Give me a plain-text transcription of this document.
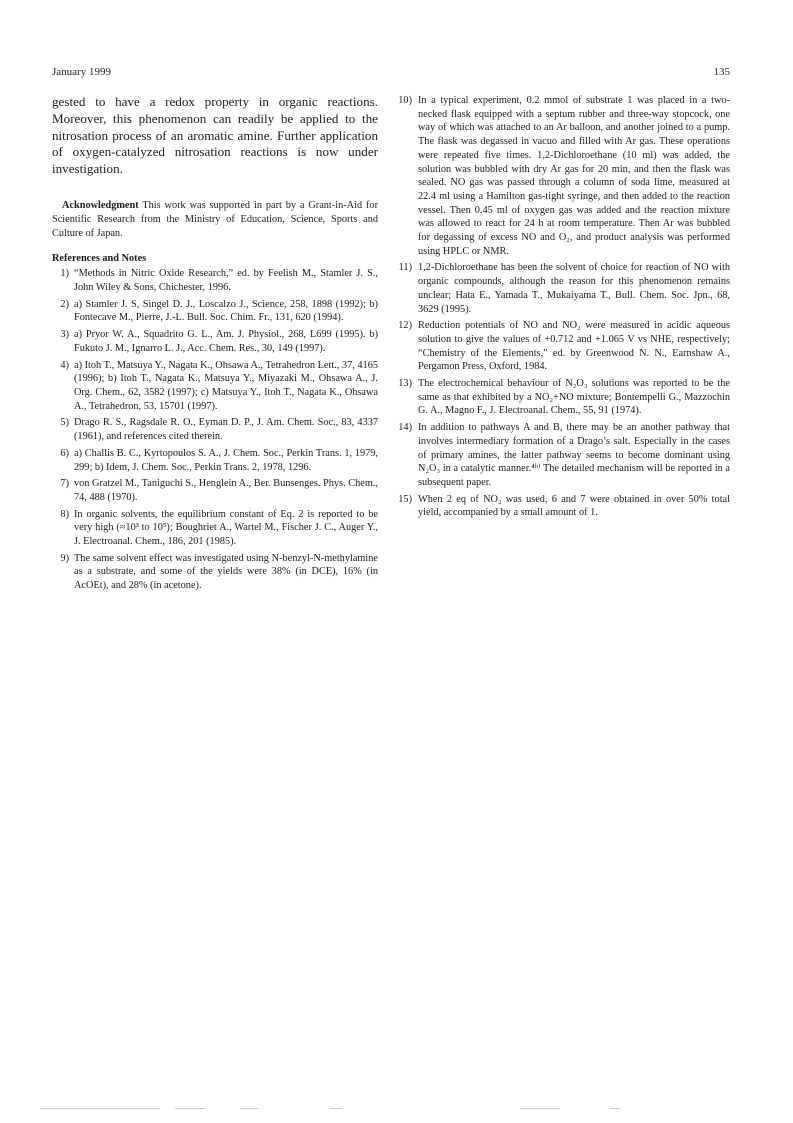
January 1999	135

gested to have a redox property in organic reactions. Moreover, this phenomenon can readily be applied to the nitrosation process of an aromatic amine. Further application of oxygen-catalyzed nitrosation reactions is now under investigation.

Acknowledgment This work was supported in part by a Grant-in-Aid for Scientific Research from the Ministry of Education, Science, Sports and Culture of Japan.

References and Notes
1) “Methods in Nitric Oxide Research,” ed. by Feelish M., Stamler J. S., John Wiley & Sons, Chichester, 1996.
2) a) Stamler J. S, Singel D. J., Loscalzo J., Science, 258, 1898 (1992); b) Fontecave M., Pierre, J.-L. Bull. Soc. Chim. Fr., 131, 620 (1994).
3) a) Pryor W. A., Squadrito G. L., Am. J. Physiol., 268, L699 (1995). b) Fukuto J. M., Ignarro L. J., Acc. Chem. Res., 30, 149 (1997).
4) a) Itoh T., Matsuya Y., Nagata K., Ohsawa A., Tetrahedron Lett., 37, 4165 (1996); b) Itoh T., Nagata K., Matsuya Y., Miyazaki M., Ohsawa A., J. Org. Chem., 62, 3582 (1997); c) Matsuya Y., Itoh T., Nagata K., Ohsawa A., Tetrahedron, 53, 15701 (1997).
5) Drago R. S., Ragsdale R. O., Eyman D. P., J. Am. Chem. Soc., 83, 4337 (1961), and references cited therein.
6) a) Challis B. C., Kyrtopoulos S. A., J. Chem. Soc., Perkin Trans. 1, 1979, 299; b) Idem, J. Chem. Soc., Perkin Trans. 2, 1978, 1296.
7) von Gratzel M., Taniguchi S., Henglein A., Ber. Bunsenges. Phys. Chem., 74, 488 (1970).
8) In organic solvents, the equilibrium constant of Eq. 2 is reported to be very high (≈10³ to 10⁵); Boughriet A., Wartel M., Fischer J. C., Auger Y., J. Electroanal. Chem., 186, 201 (1985).
9) The same solvent effect was investigated using N-benzyl-N-methylamine as a substrate, and some of the yields were 38% (in DCE), 16% (in AcOEt), and 28% (in acetone).
10) In a typical experiment, 0.2 mmol of substrate 1 was placed in a two-necked flask equipped with a septum rubber and three-way stopcock, one way of which was attached to an Ar balloon, and another joined to a pump. The flask was degassed in vacuo and filled with Ar gas. These operations were repeated five times. 1,2-Dichloroethane (10 ml) was added, the solution was bubbled with dry Ar gas for 20 min, and then the flask was sealed. NO gas was passed through a column of soda lime, measured at 22.4 ml using a Hamilton gas-tight syringe, and then added to the reaction vessel. Then 0.45 ml of oxygen gas was added and the reaction mixture was allowed to react for 24 h at room temperature. Then Ar was bubbled for degassing of excess NO and O₂, and product analysis was performed using HPLC or NMR.
11) 1,2-Dichloroethane has been the solvent of choice for reaction of NO with organic compounds, although the reason for this phenomenon remains unclear; Hata E., Yamada T., Mukaiyama T., Bull. Chem. Soc. Jpn., 68, 3629 (1995).
12) Reduction potentials of NO and NO₂ were measured in acidic aqueous solution to give the values of +0.712 and +1.065 V vs NHE, respectively; “Chemistry of the Elements,” ed. by Greenwood N. N., Earnshaw A., Pergamon Press, Oxford, 1984.
13) The electrochemical behaviour of N₂O₃ solutions was reported to be the same as that exhibited by a NO₂+NO mixture; Bontempelli G., Mazzochin G. A., Magno F., J. Electroanal. Chem., 55, 91 (1974).
14) In addition to pathways A and B, there may be an another pathway that involves intermediary formation of a Drago’s salt. Especially in the cases of primary amines, the latter pathway seems to become dominant using N₂O₃ in a catalytic manner.⁴ᵇ⁾ The detailed mechanism will be reported in a subsequent paper.
15) When 2 eq of NO₂ was used, 6 and 7 were obtained in over 50% total yield, accompanied by a small amount of 1.
